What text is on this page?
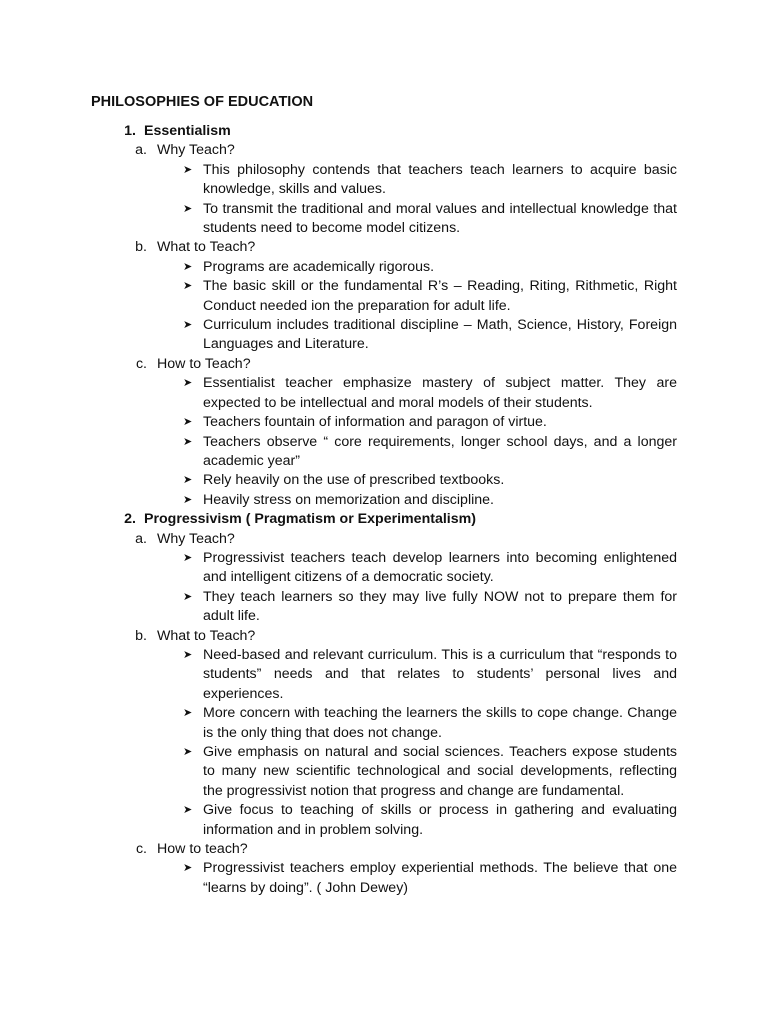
PHILOSOPHIES OF EDUCATION
1. Essentialism
a. Why Teach?
➤ This philosophy contends that teachers teach learners to acquire basic knowledge, skills and values.
➤ To transmit the traditional and moral values and intellectual knowledge that students need to become model citizens.
b. What to Teach?
➤ Programs are academically rigorous.
➤ The basic skill or the fundamental R’s – Reading, Riting, Rithmetic, Right Conduct needed ion the preparation for adult life.
➤ Curriculum includes traditional discipline – Math, Science, History, Foreign Languages and Literature.
c. How to Teach?
➤ Essentialist teacher emphasize mastery of subject matter. They are expected to be intellectual and moral models of their students.
➤ Teachers fountain of information and paragon of virtue.
➤ Teachers observe “ core requirements, longer school days, and a longer academic year”
➤ Rely heavily on the use of prescribed textbooks.
➤ Heavily stress on memorization and discipline.
2. Progressivism ( Pragmatism or Experimentalism)
a. Why Teach?
➤ Progressivist teachers teach develop learners into becoming enlightened and intelligent citizens of a democratic society.
➤ They teach learners so they may live fully NOW not to prepare them for adult life.
b. What to Teach?
➤ Need-based and relevant curriculum. This is a curriculum that “responds to students” needs and that relates to students’ personal lives and experiences.
➤ More concern with teaching the learners the skills to cope change. Change is the only thing that does not change.
➤ Give emphasis on natural and social sciences. Teachers expose students to many new scientific technological and social developments, reflecting the progressivist notion that progress and change are fundamental.
➤ Give focus to teaching of skills or process in gathering and evaluating information and in problem solving.
c. How to teach?
➤ Progressivist teachers employ experiential methods. The believe that one “learns by doing”. ( John Dewey)
